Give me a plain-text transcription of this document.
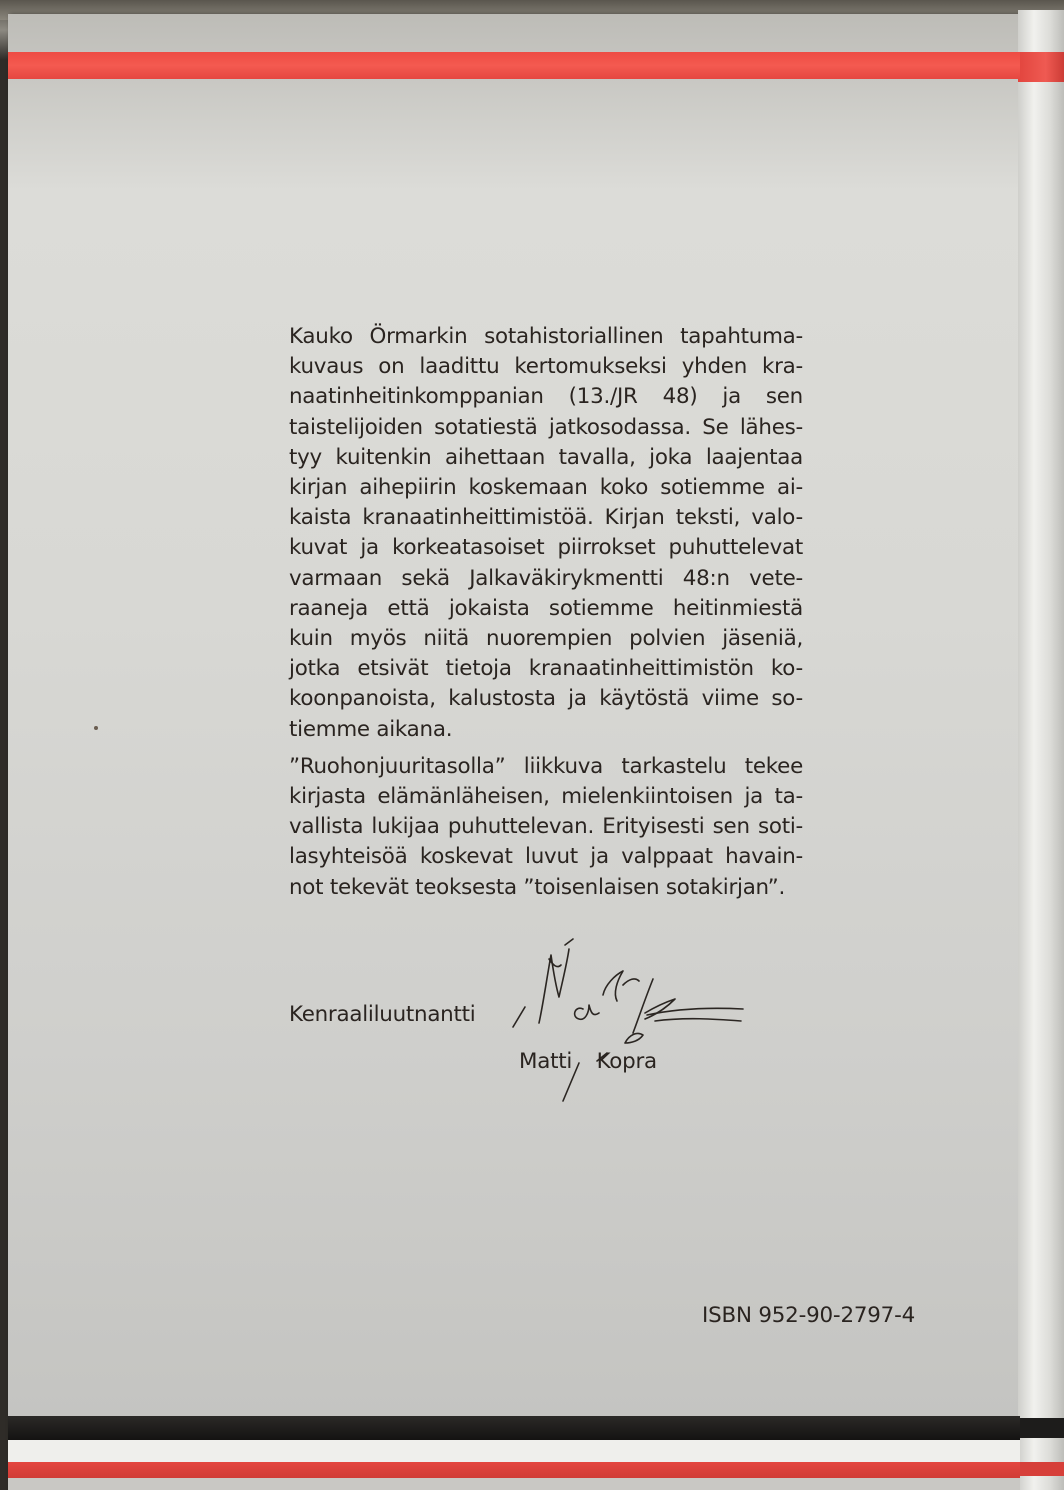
Kauko Örmarkin sotahistoriallinen tapahtuma-
kuvaus on laadittu kertomukseksi yhden kra-
naatinheitinkomppanian (13./JR 48) ja sen
taistelijoiden sotatiestä jatkosodassa. Se lähes-
tyy kuitenkin aihettaan tavalla, joka laajentaa
kirjan aihepiirin koskemaan koko sotiemme ai-
kaista kranaatinheittimistöä. Kirjan teksti, valo-
kuvat ja korkeatasoiset piirrokset puhuttelevat
varmaan sekä Jalkaväkirykmentti 48:n vete-
raaneja että jokaista sotiemme heitinmiestä
kuin myös niitä nuorempien polvien jäseniä,
jotka etsivät tietoja kranaatinheittimistön ko-
koonpanoista, kalustosta ja käytöstä viime so-
tiemme aikana.

”Ruohonjuuritasolla” liikkuva tarkastelu tekee
kirjasta elämänläheisen, mielenkiintoisen ja ta-
vallista lukijaa puhuttelevan. Erityisesti sen soti-
lasyhteisöä koskevat luvut ja valppaat havain-
not tekevät teoksesta ”toisenlaisen sotakirjan”.

Kenraaliluutnantti
Matti Kopra
ISBN 952-90-2797-4
